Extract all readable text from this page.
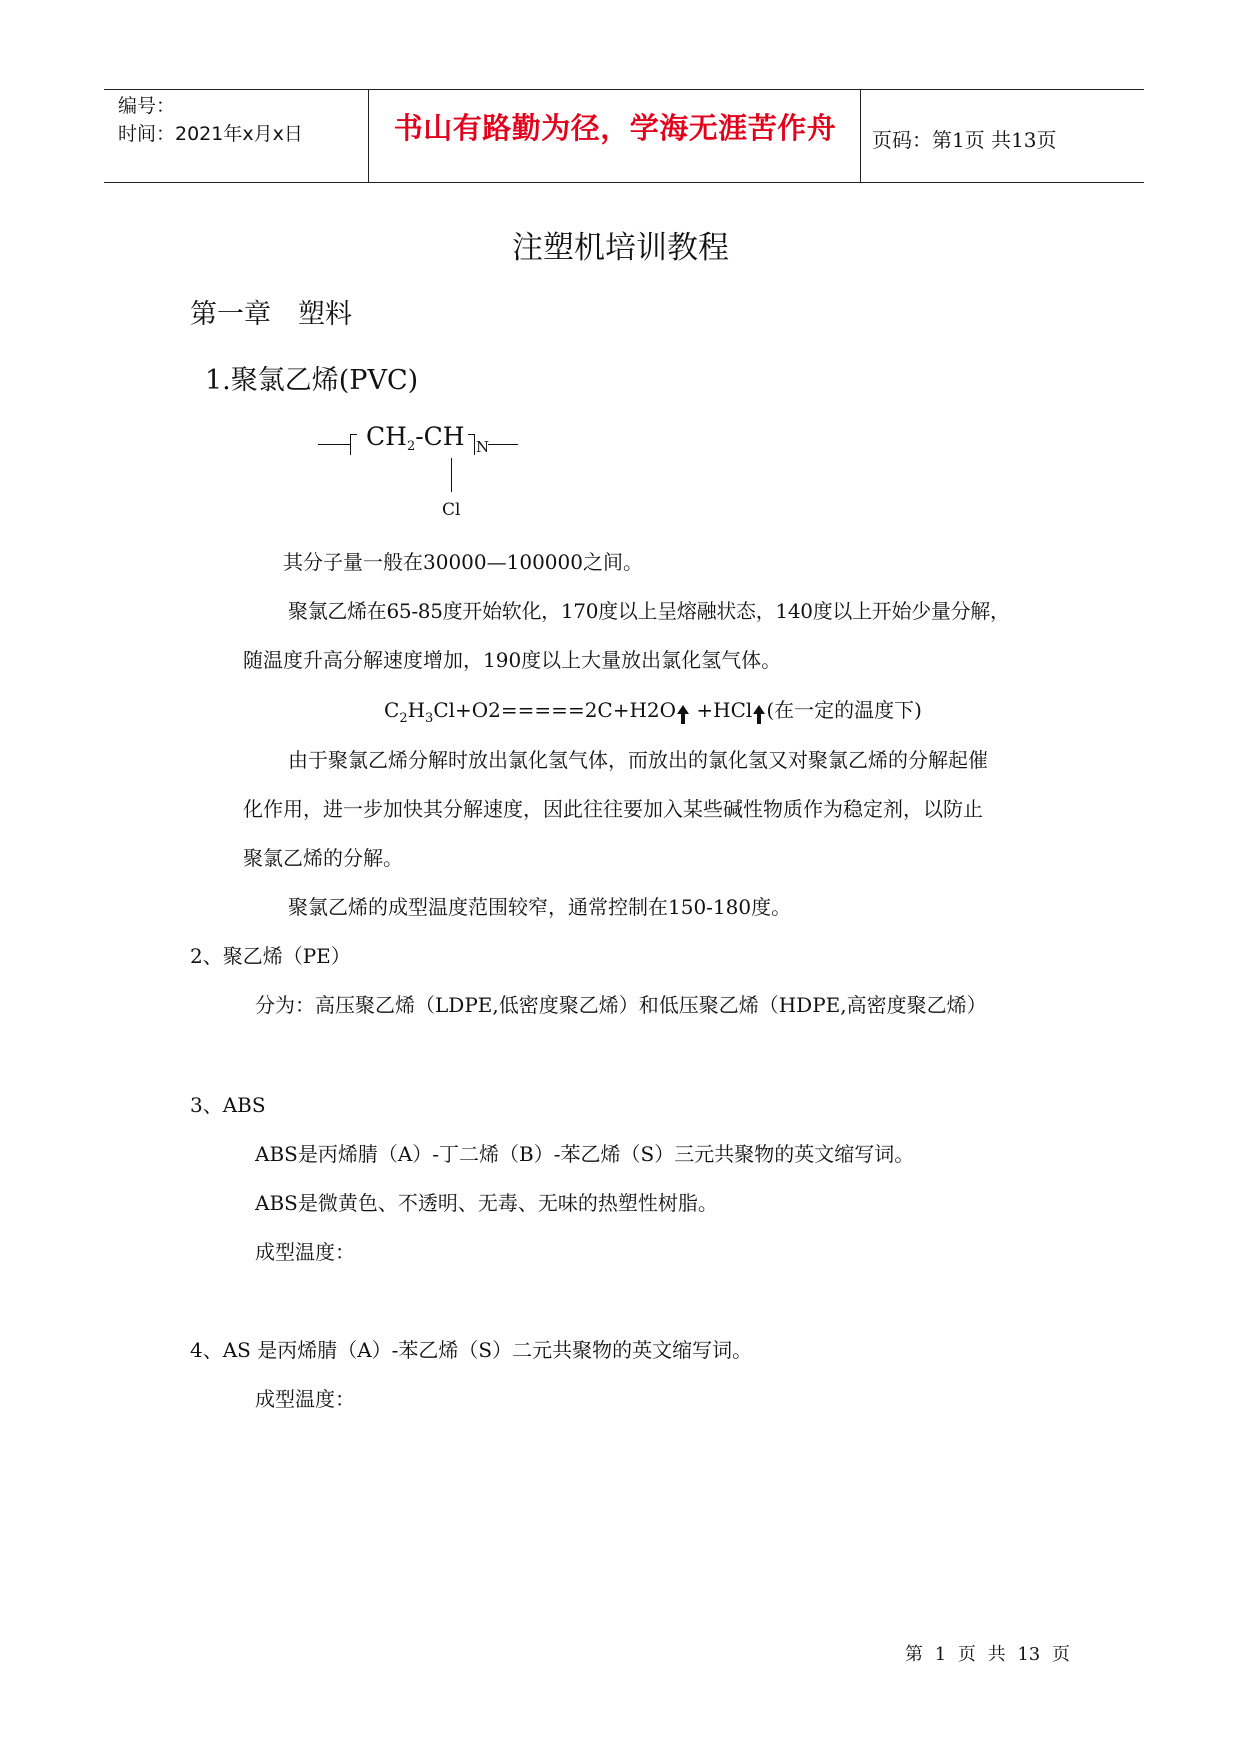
编号：
时间：2021年x月x日	书山有路勤为径，学海无涯苦作舟	页码：第1页 共13页
注塑机培训教程
第一章　塑料
1.聚氯乙烯(PVC)
$CH_2-CH$ N
Cl
其分子量一般在30000—100000之间。
聚氯乙烯在65-85度开始软化，170度以上呈熔融状态，140度以上开始少量分解，
随温度升高分解速度增加，190度以上大量放出氯化氢气体。
$C_2H_3Cl+O2=====2C+H2O +HCl$ (在一定的温度下)
由于聚氯乙烯分解时放出氯化氢气体，而放出的氯化氢又对聚氯乙烯的分解起催
化作用，进一步加快其分解速度，因此往往要加入某些碱性物质作为稳定剂，以防止
聚氯乙烯的分解。
聚氯乙烯的成型温度范围较窄，通常控制在150-180度。
2、聚乙烯（PE）
分为：高压聚乙烯（LDPE,低密度聚乙烯）和低压聚乙烯（HDPE,高密度聚乙烯）
3、ABS
ABS是丙烯腈（A）-丁二烯（B）-苯乙烯（S）三元共聚物的英文缩写词。
ABS是微黄色、不透明、无毒、无味的热塑性树脂。
成型温度：
4、AS 是丙烯腈（A）-苯乙烯（S）二元共聚物的英文缩写词。
成型温度：
第 1 页 共 13 页
